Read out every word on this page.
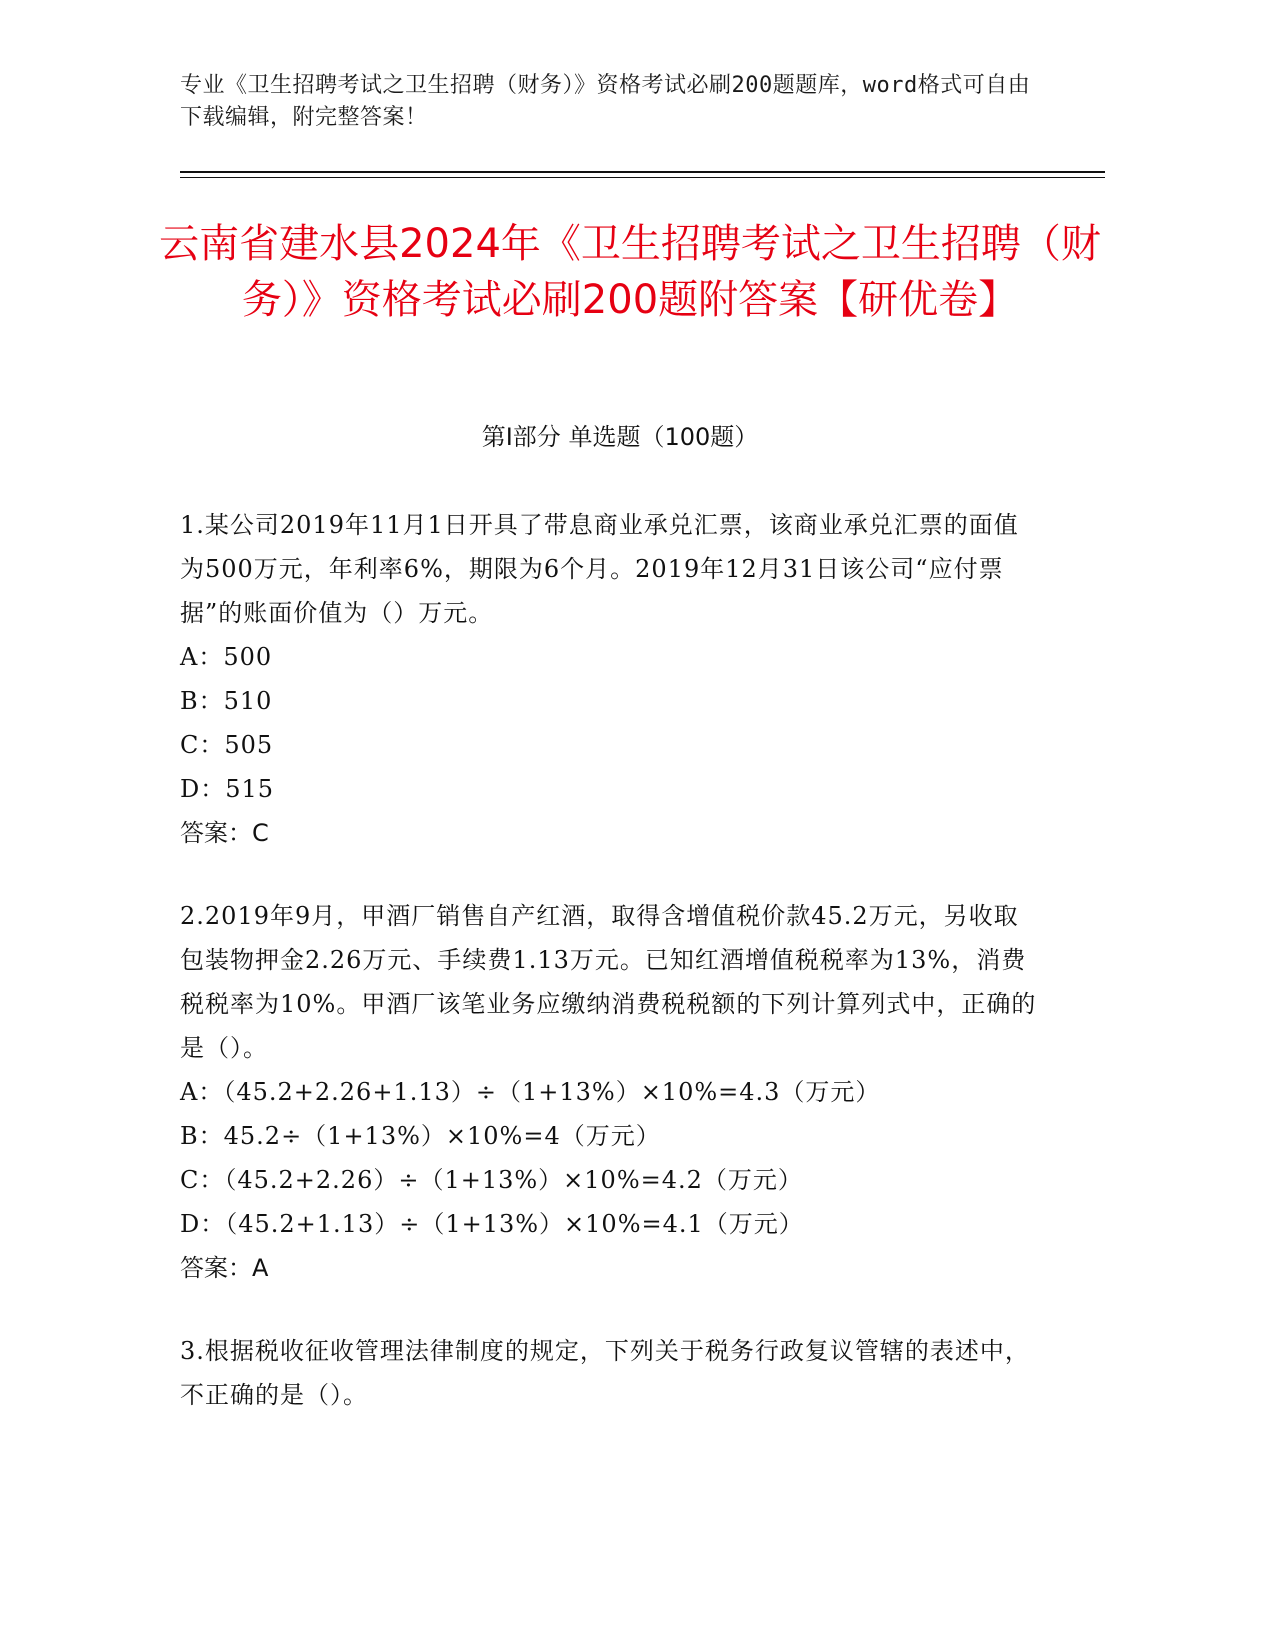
专业《卫生招聘考试之卫生招聘（财务）》资格考试必刷200题题库，word格式可自由下载编辑，附完整答案！
云南省建水县2024年《卫生招聘考试之卫生招聘（财务）》资格考试必刷200题附答案【研优卷】
第Ⅰ部分 单选题（100题）

1.某公司2019年11月1日开具了带息商业承兑汇票，该商业承兑汇票的面值为500万元，年利率6%，期限为6个月。2019年12月31日该公司“应付票据”的账面价值为（）万元。

A：500

B：510

C：505

D：515

答案：C

2.2019年9月，甲酒厂销售自产红酒，取得含增值税价款45.2万元，另收取包装物押金2.26万元、手续费1.13万元。已知红酒增值税税率为13%，消费税税率为10%。甲酒厂该笔业务应缴纳消费税税额的下列计算列式中，正确的是（）。

A：（45.2+2.26+1.13）÷（1+13%）×10%=4.3（万元）

B：45.2÷（1+13%）×10%=4（万元）

C：（45.2+2.26）÷（1+13%）×10%=4.2（万元）

D：（45.2+1.13）÷（1+13%）×10%=4.1（万元）

答案：A

3.根据税收征收管理法律制度的规定，下列关于税务行政复议管辖的表述中，不正确的是（）。
